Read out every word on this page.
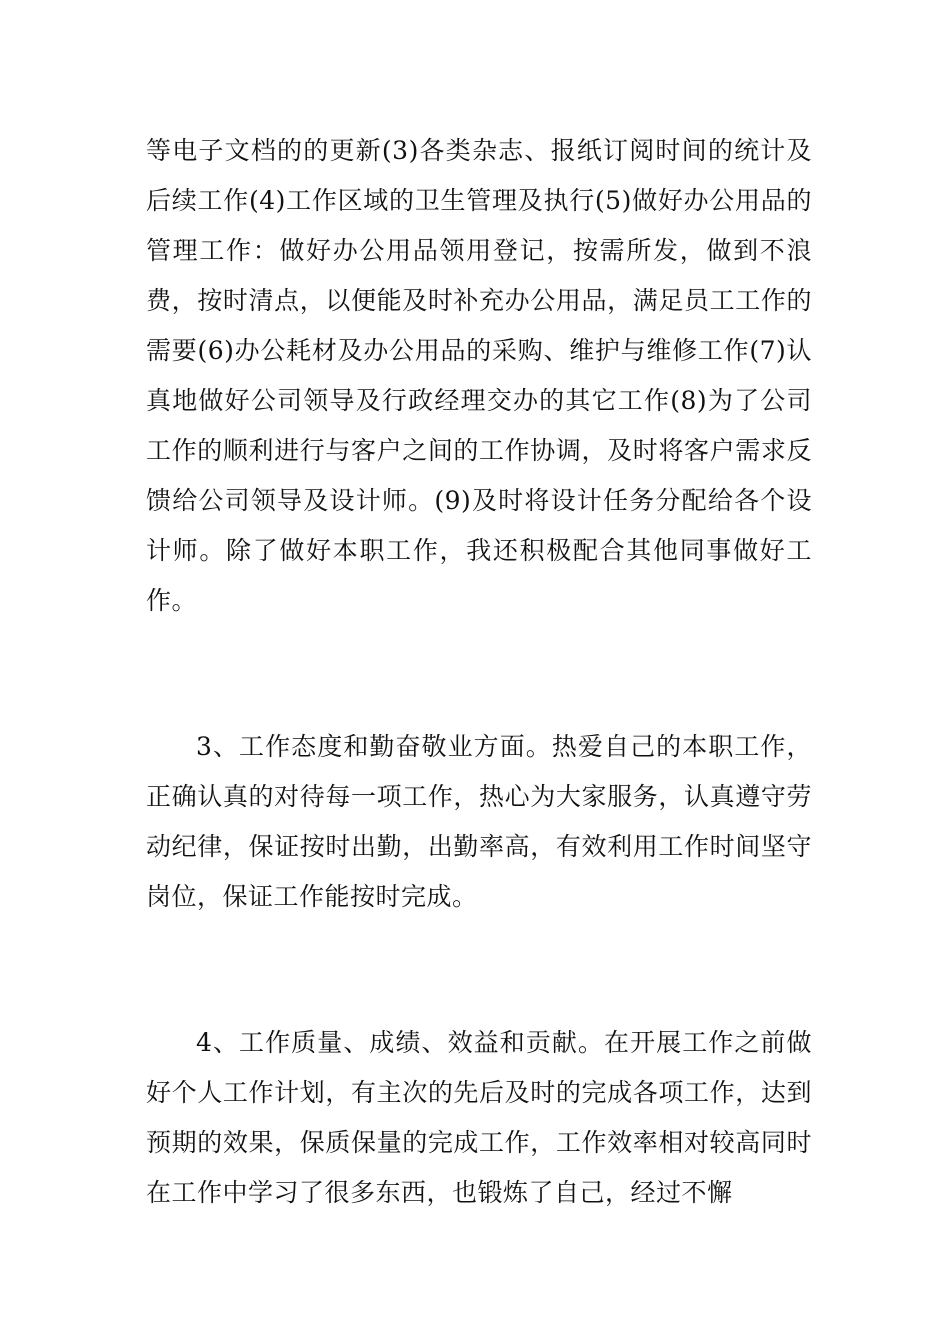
等电子文档的的更新(3)各类杂志、报纸订阅时间的统计及后续工作(4)工作区域的卫生管理及执行(5)做好办公用品的管理工作：做好办公用品领用登记，按需所发，做到不浪费，按时清点，以便能及时补充办公用品，满足员工工作的需要(6)办公耗材及办公用品的采购、维护与维修工作(7)认真地做好公司领导及行政经理交办的其它工作(8)为了公司工作的顺利进行与客户之间的工作协调，及时将客户需求反馈给公司领导及设计师。(9)及时将设计任务分配给各个设计师。除了做好本职工作，我还积极配合其他同事做好工作。

3、工作态度和勤奋敬业方面。热爱自己的本职工作，正确认真的对待每一项工作，热心为大家服务，认真遵守劳动纪律，保证按时出勤，出勤率高，有效利用工作时间坚守岗位，保证工作能按时完成。

4、工作质量、成绩、效益和贡献。在开展工作之前做好个人工作计划，有主次的先后及时的完成各项工作，达到预期的效果，保质保量的完成工作，工作效率相对较高同时在工作中学习了很多东西，也锻炼了自己，经过不懈
